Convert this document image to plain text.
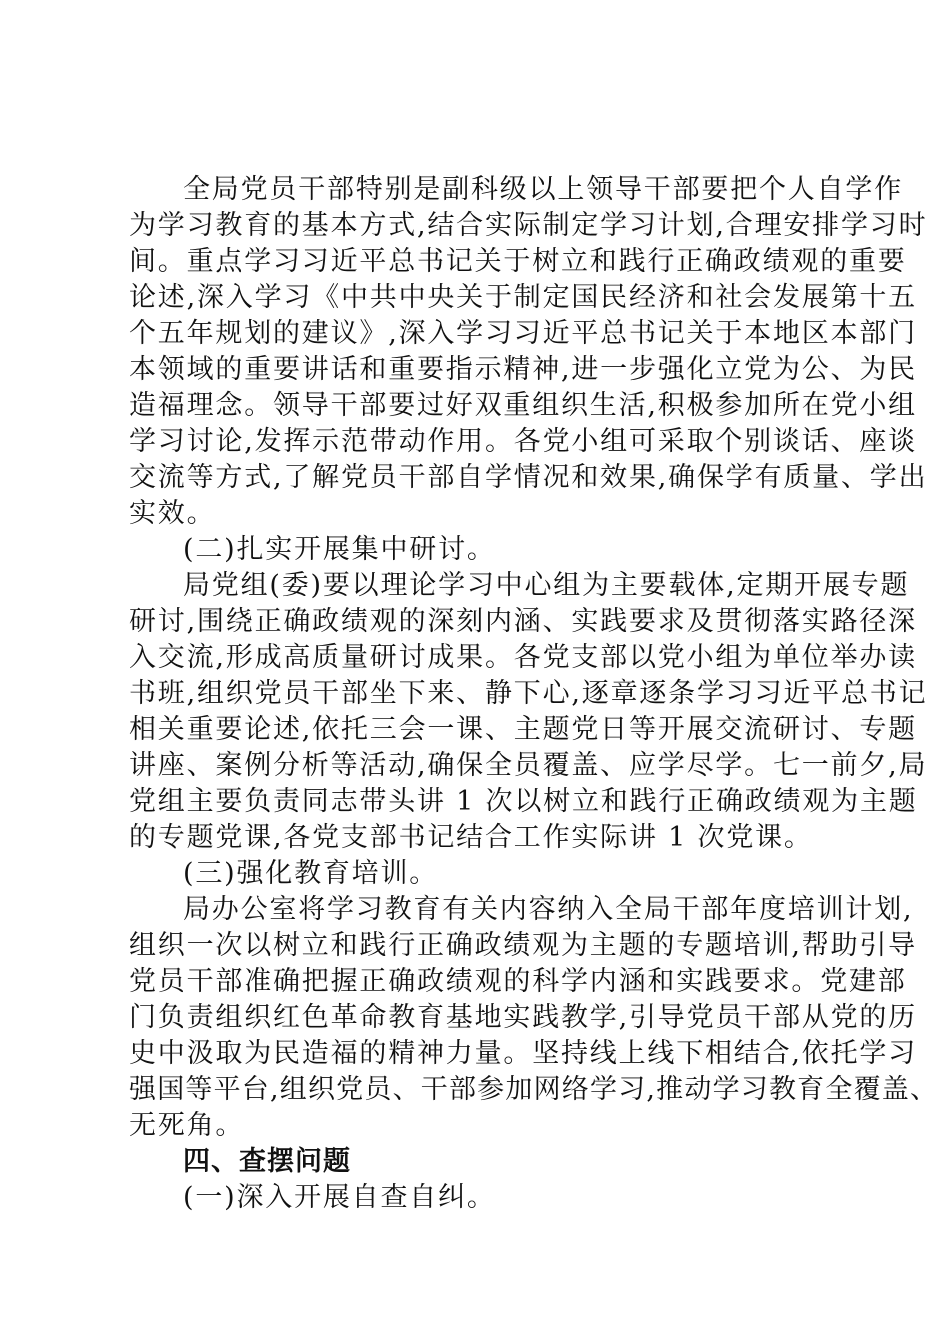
全局党员干部特别是副科级以上领导干部要把个人自学作
为学习教育的基本方式,结合实际制定学习计划,合理安排学习时
间。重点学习习近平总书记关于树立和践行正确政绩观的重要
论述,深入学习《中共中央关于制定国民经济和社会发展第十五
个五年规划的建议》,深入学习习近平总书记关于本地区本部门
本领域的重要讲话和重要指示精神,进一步强化立党为公、为民
造福理念。领导干部要过好双重组织生活,积极参加所在党小组
学习讨论,发挥示范带动作用。各党小组可采取个别谈话、座谈
交流等方式,了解党员干部自学情况和效果,确保学有质量、学出
实效。
(二)扎实开展集中研讨。
局党组(委)要以理论学习中心组为主要载体,定期开展专题
研讨,围绕正确政绩观的深刻内涵、实践要求及贯彻落实路径深
入交流,形成高质量研讨成果。各党支部以党小组为单位举办读
书班,组织党员干部坐下来、静下心,逐章逐条学习习近平总书记
相关重要论述,依托三会一课、主题党日等开展交流研讨、专题
讲座、案例分析等活动,确保全员覆盖、应学尽学。七一前夕,局
党组主要负责同志带头讲 1 次以树立和践行正确政绩观为主题
的专题党课,各党支部书记结合工作实际讲 1 次党课。
(三)强化教育培训。
局办公室将学习教育有关内容纳入全局干部年度培训计划,
组织一次以树立和践行正确政绩观为主题的专题培训,帮助引导
党员干部准确把握正确政绩观的科学内涵和实践要求。党建部
门负责组织红色革命教育基地实践教学,引导党员干部从党的历
史中汲取为民造福的精神力量。坚持线上线下相结合,依托学习
强国等平台,组织党员、干部参加网络学习,推动学习教育全覆盖、
无死角。
四、查摆问题
(一)深入开展自查自纠。
